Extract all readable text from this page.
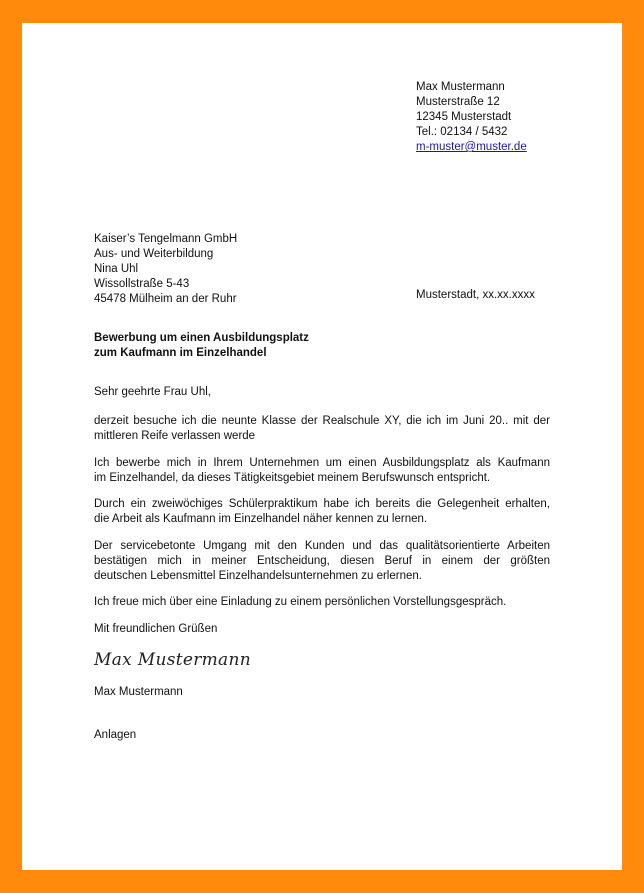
Max Mustermann
Musterstraße 12
12345 Musterstadt
Tel.: 02134 / 5432
m-muster@muster.de
Kaiser’s Tengelmann GmbH
Aus- und Weiterbildung
Nina Uhl
Wissollstraße 5-43
45478 Mülheim an der Ruhr	Musterstadt, xx.xx.xxxx
Bewerbung um einen Ausbildungsplatz
zum Kaufmann im Einzelhandel
Sehr geehrte Frau Uhl,
derzeit besuche ich die neunte Klasse der Realschule XY, die ich im Juni 20.. mit der
mittleren Reife verlassen werde
Ich bewerbe mich in Ihrem Unternehmen um einen Ausbildungsplatz als Kaufmann
im Einzelhandel, da dieses Tätigkeitsgebiet meinem Berufswunsch entspricht.
Durch ein zweiwöchiges Schülerpraktikum habe ich bereits die Gelegenheit erhalten,
die Arbeit als Kaufmann im Einzelhandel näher kennen zu lernen.
Der servicebetonte Umgang mit den Kunden und das qualitätsorientierte Arbeiten
bestätigen mich in meiner Entscheidung, diesen Beruf in einem der größten
deutschen Lebensmittel Einzelhandelsunternehmen zu erlernen.
Ich freue mich über eine Einladung zu einem persönlichen Vorstellungsgespräch.
Mit freundlichen Grüßen
Max Mustermann
Max Mustermann
Anlagen
